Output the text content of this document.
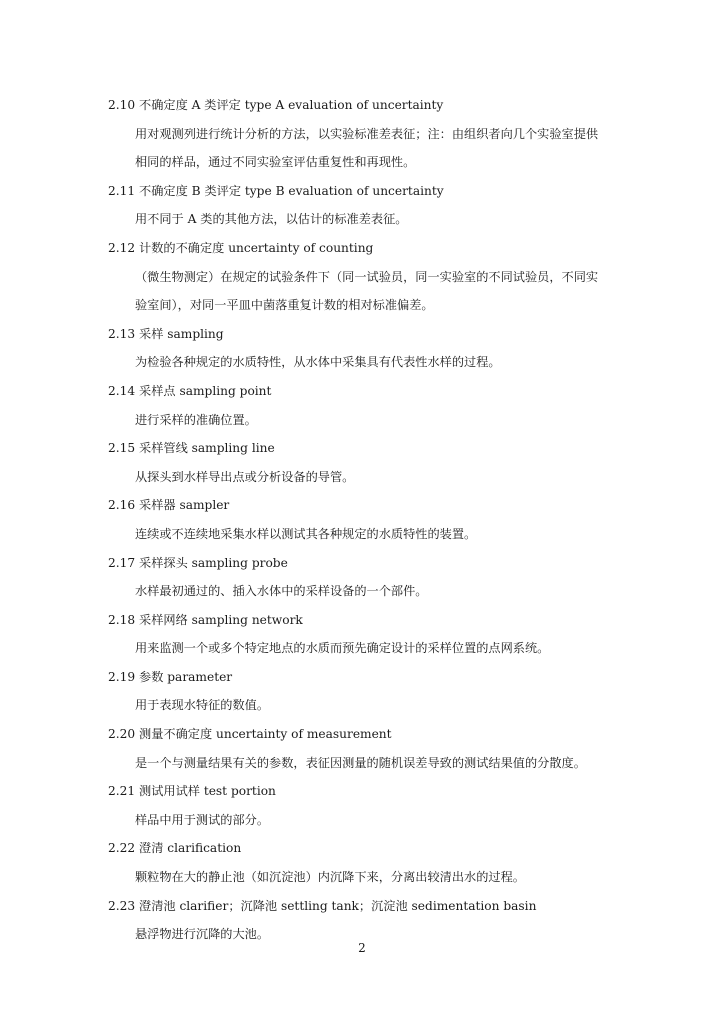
2.10 不确定度 A 类评定 type A evaluation of uncertainty
用对观测列进行统计分析的方法，以实验标准差表征；注：由组织者向几个实验室提供
相同的样品，通过不同实验室评估重复性和再现性。
2.11 不确定度 B 类评定 type B evaluation of uncertainty
用不同于 A 类的其他方法，以估计的标准差表征。
2.12 计数的不确定度 uncertainty of counting
（微生物测定）在规定的试验条件下（同一试验员，同一实验室的不同试验员，不同实
验室间），对同一平皿中菌落重复计数的相对标准偏差。
2.13 采样 sampling
为检验各种规定的水质特性，从水体中采集具有代表性水样的过程。
2.14 采样点 sampling point
进行采样的准确位置。
2.15 采样管线 sampling line
从探头到水样导出点或分析设备的导管。
2.16 采样器 sampler
连续或不连续地采集水样以测试其各种规定的水质特性的装置。
2.17 采样探头 sampling probe
水样最初通过的、插入水体中的采样设备的一个部件。
2.18 采样网络 sampling network
用来监测一个或多个特定地点的水质而预先确定设计的采样位置的点网系统。
2.19 参数 parameter
用于表现水特征的数值。
2.20 测量不确定度 uncertainty of measurement
是一个与测量结果有关的参数，表征因测量的随机误差导致的测试结果值的分散度。
2.21 测试用试样 test portion
样品中用于测试的部分。
2.22 澄清 clarification
颗粒物在大的静止池（如沉淀池）内沉降下来，分离出较清出水的过程。
2.23 澄清池 clarifier；沉降池 settling tank；沉淀池 sedimentation basin
悬浮物进行沉降的大池。
2
